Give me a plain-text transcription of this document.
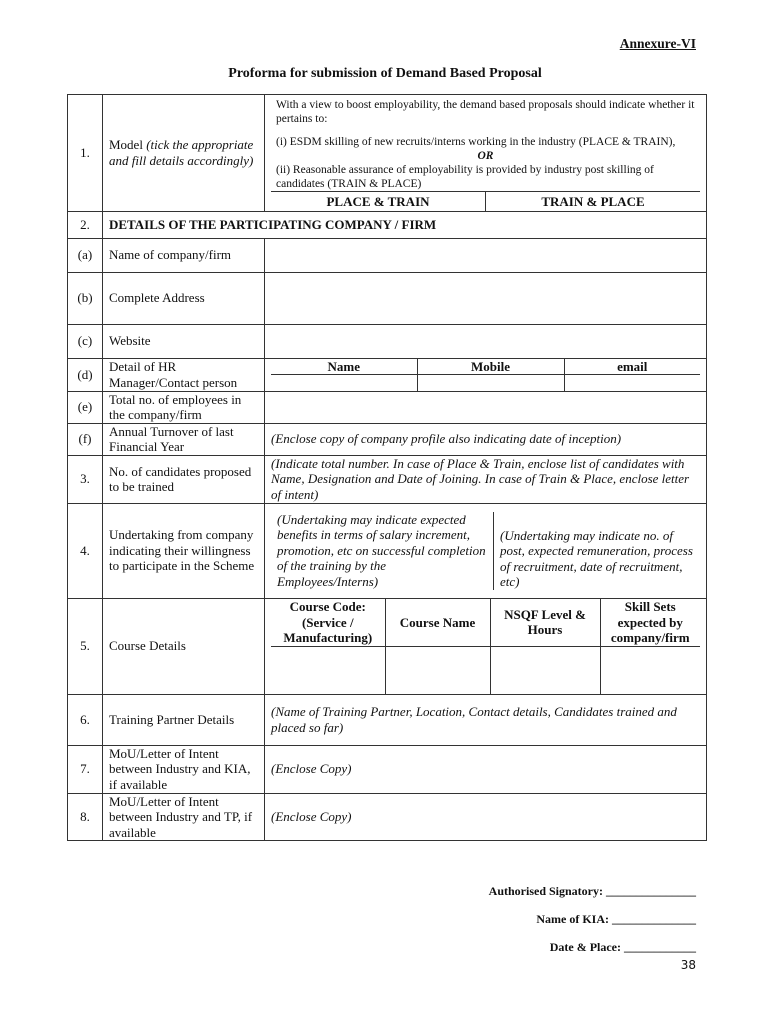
Annexure-VI
Proforma for submission of Demand Based Proposal
1.	Model (tick the appropriate and fill details accordingly)	
With a view to boost employability, the demand based proposals should indicate whether it pertains to:
(i) ESDM skilling of new recruits/interns working in the industry (PLACE & TRAIN),
OR
(ii) Reasonable assurance of employability is provided by industry post skilling of candidates (TRAIN & PLACE)

PLACE & TRAIN	TRAIN & PLACE

2.	DETAILS OF THE PARTICIPATING COMPANY / FIRM
(a)	Name of company/firm	
(b)	Complete Address	
(c)	Website	
(d)	Detail of HR Manager/Contact person	
Name	Mobile	email

(e)	Total no. of employees in the company/firm	
(f)	Annual Turnover of last Financial Year	(Enclose copy of company profile also indicating date of inception)
3.	No. of candidates proposed to be trained	(Indicate total number. In case of Place & Train, enclose list of candidates with Name, Designation and Date of Joining. In case of Train & Place, enclose letter of intent)
4.	Undertaking from company indicating their willingness to participate in the Scheme	
(Undertaking may indicate expected benefits in terms of salary increment, promotion, etc on successful completion of the training by the Employees/Interns)	(Undertaking may indicate no. of post, expected remuneration, process of recruitment, date of recruitment, etc)

5.	Course Details	
Course Code: (Service / Manufacturing)	Course Name	NSQF Level & Hours	Skill Sets expected by company/firm

6.	Training Partner Details	(Name of Training Partner, Location, Contact details, Candidates trained and placed so far)
7.	MoU/Letter of Intent between Industry and KIA, if available	(Enclose Copy)
8.	MoU/Letter of Intent between Industry and TP, if available	(Enclose Copy)
Authorised Signatory: _______________
Name of KIA: ______________
Date & Place: ____________
38
